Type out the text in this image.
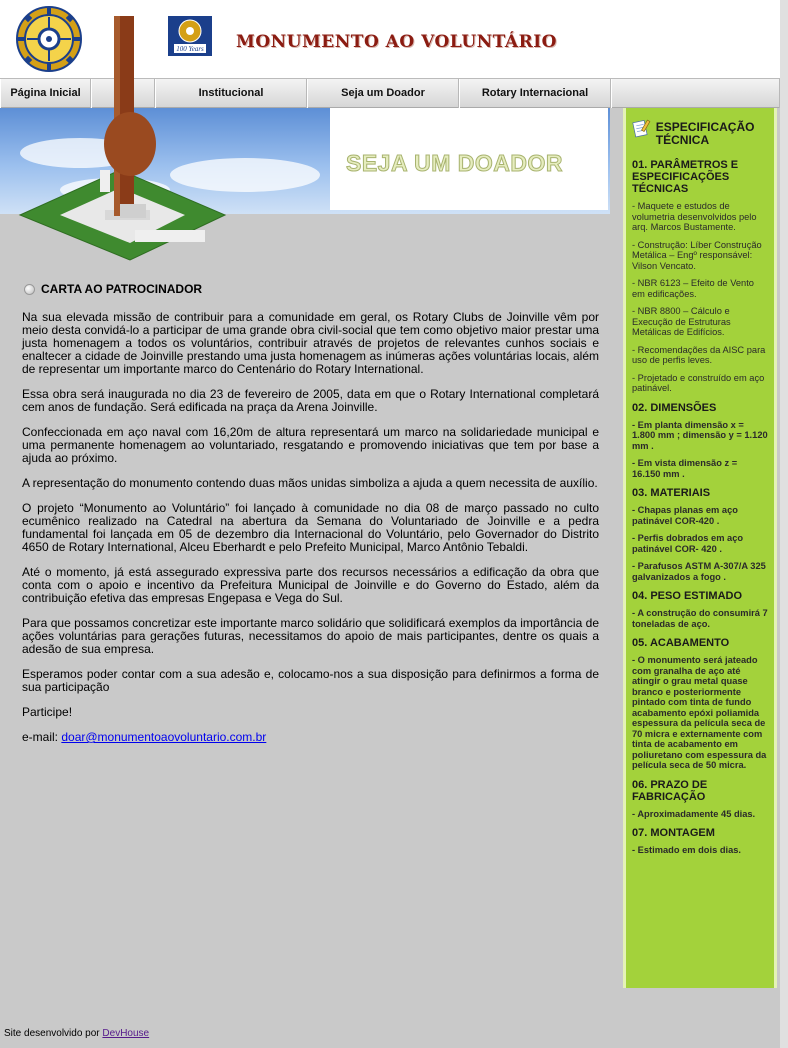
100 Years MONUMENTO AO VOLUNTÁRIO
Página Inicial	Institucional	Seja um Doador	Rotary Internacional
SEJA UM DOADOR
CARTA AO PATROCINADOR

Na sua elevada missão de contribuir para a comunidade em geral, os Rotary Clubs de Joinville vêm por meio desta convidá-lo a participar de uma grande obra civil-social que tem como objetivo maior prestar uma justa homenagem a todos os voluntários, contribuir através de projetos de relevantes cunhos sociais e enaltecer a cidade de Joinville prestando uma justa homenagem as inúmeras ações voluntárias locais, além de representar um importante marco do Centenário do Rotary International.

Essa obra será inaugurada no dia 23 de fevereiro de 2005, data em que o Rotary International completará cem anos de fundação. Será edificada na praça da Arena Joinville.

Confeccionada em aço naval com 16,20m de altura representará um marco na solidariedade municipal e uma permanente homenagem ao voluntariado, resgatando e promovendo iniciativas que tem por base a ajuda ao próximo.

A representação do monumento contendo duas mãos unidas simboliza a ajuda a quem necessita de auxílio.

O projeto “Monumento ao Voluntário” foi lançado à comunidade no dia 08 de março passado no culto ecumênico realizado na Catedral na abertura da Semana do Voluntariado de Joinville e a pedra fundamental foi lançada em 05 de dezembro dia Internacional do Voluntário, pelo Governador do Distrito 4650 de Rotary International, Alceu Eberhardt e pelo Prefeito Municipal, Marco Antônio Tebaldi.

Até o momento, já está assegurado expressiva parte dos recursos necessários a edificação da obra que conta com o apoio e incentivo da Prefeitura Municipal de Joinville e do Governo do Estado, além da contribuição efetiva das empresas Engepasa e Vega do Sul.

Para que possamos concretizar este importante marco solidário que solidificará exemplos da importância de ações voluntárias para gerações futuras, necessitamos do apoio de mais participantes, dentre os quais a adesão de sua empresa.

Esperamos poder contar com a sua adesão e, colocamo-nos a sua disposição para definirmos a forma de sua participação

Participe!

e-mail: doar@monumentoaovoluntario.com.br

ESPECIFICAÇÃO TÉCNICA
01. PARÂMETROS E ESPECIFICAÇÕES TÉCNICAS
- Maquete e estudos de volumetria desenvolvidos pelo arq. Marcos Bustamente.
- Construção: Líber Construção Metálica – Engº responsável: Vilson Vencato.
- NBR 6123 – Efeito de Vento em edificações.
- NBR 8800 – Cálculo e Execução de Estruturas Metálicas de Edifícios.
- Recomendações da AISC para uso de perfis leves.
- Projetado e construído em aço patinável.
02. DIMENSÕES
- Em planta dimensão x = 1.800 mm ; dimensão y = 1.120 mm .
- Em vista dimensão z = 16.150 mm .
03. MATERIAIS
- Chapas planas em aço patinável COR-420 .
- Perfis dobrados em aço patinável COR- 420 .
- Parafusos ASTM A-307/A 325 galvanizados a fogo .
04. PESO ESTIMADO
- A construção do consumirá 7 toneladas de aço.
05. ACABAMENTO
- O monumento será jateado com granalha de aço até atingir o grau metal quase branco e posteriormente pintado com tinta de fundo acabamento epóxi poliamida espessura da película seca de 70 micra e externamente com tinta de acabamento em poliuretano com espessura da película seca de 50 micra.
06. PRAZO DE FABRICAÇÃO
- Aproximadamente 45 dias.
07. MONTAGEM
- Estimado em dois dias.
Site desenvolvido por DevHouse
